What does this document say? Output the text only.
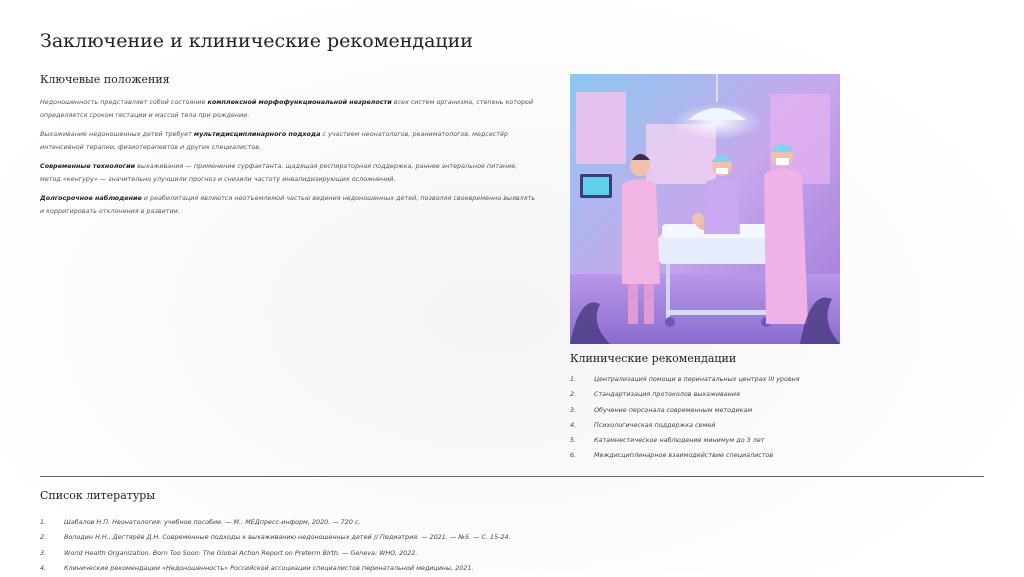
Заключение и клинические рекомендации
Ключевые положения

Недоношенность представляет собой состояние комплексной морфофункциональной незрелости всех систем организма, степень которой определяется сроком гестации и массой тела при рождении.

Выхаживание недоношенных детей требует мультидисциплинарного подхода с участием неонатологов, реаниматологов, медсестёр интенсивной терапии, физиотерапевтов и других специалистов.

Современные технологии выхаживания — применение сурфактанта, щадящая респираторная поддержка, раннее энтеральное питание, метод «кенгуру» — значительно улучшили прогноз и снизили частоту инвалидизирующих осложнений.

Долгосрочное наблюдение и реабилитация являются неотъемлемой частью ведения недоношенных детей, позволяя своевременно выявлять и корригировать отклонения в развитии.

Клинические рекомендации
1.	Централизация помощи в перинатальных центрах III уровня
2.	Стандартизация протоколов выхаживания
3.	Обучение персонала современным методикам
4.	Психологическая поддержка семей
5.	Катамнестическое наблюдение минимум до 3 лет
6.	Междисциплинарное взаимодействие специалистов
Список литературы
1.	Шабалов Н.П. Неонатология: учебное пособие. — М.: МЕДпресс-информ, 2020. — 720 с.
2.	Володин Н.Н., Дегтярёв Д.Н. Современные подходы к выхаживанию недоношенных детей // Педиатрия. — 2021. — №5. — С. 15-24.
3.	World Health Organization. Born Too Soon: The Global Action Report on Preterm Birth. — Geneva: WHO, 2022.
4.	Клинические рекомендации «Недоношенность» Российской ассоциации специалистов перинатальной медицины, 2021.
